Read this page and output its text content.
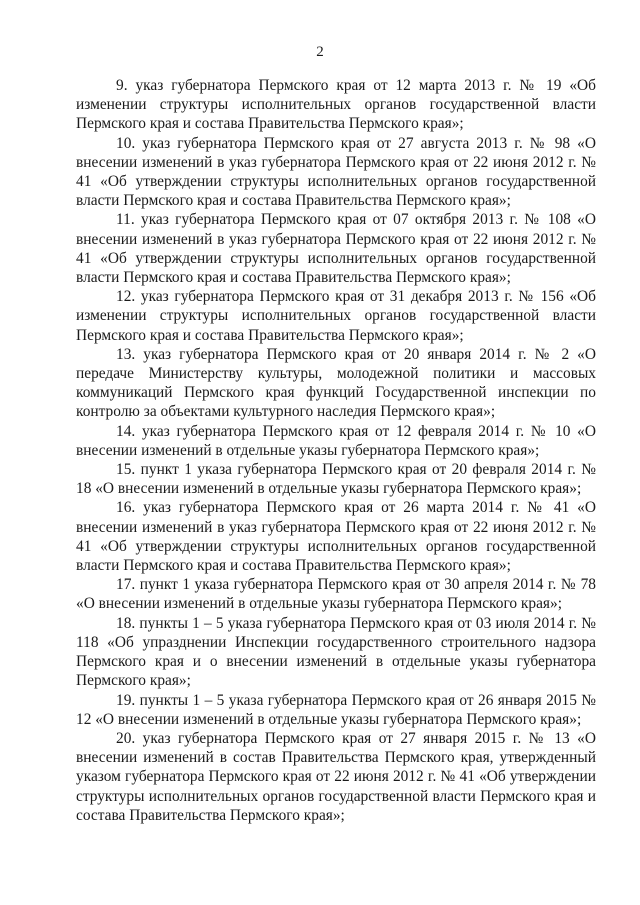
2

9. указ губернатора Пермского края от 12 марта 2013 г. № 19 «Об изменении структуры исполнительных органов государственной власти Пермского края и состава Правительства Пермского края»;

10. указ губернатора Пермского края от 27 августа 2013 г. № 98 «О внесении изменений в указ губернатора Пермского края от 22 июня 2012 г. № 41 «Об утверждении структуры исполнительных органов государственной власти Пермского края и состава Правительства Пермского края»;

11. указ губернатора Пермского края от 07 октября 2013 г. № 108 «О внесении изменений в указ губернатора Пермского края от 22 июня 2012 г. № 41 «Об утверждении структуры исполнительных органов государственной власти Пермского края и состава Правительства Пермского края»;

12. указ губернатора Пермского края от 31 декабря 2013 г. № 156 «Об изменении структуры исполнительных органов государственной власти Пермского края и состава Правительства Пермского края»;

13. указ губернатора Пермского края от 20 января 2014 г. № 2 «О передаче Министерству культуры, молодежной политики и массовых коммуникаций Пермского края функций Государственной инспекции по контролю за объектами культурного наследия Пермского края»;

14. указ губернатора Пермского края от 12 февраля 2014 г. № 10 «О внесении изменений в отдельные указы губернатора Пермского края»;

15. пункт 1 указа губернатора Пермского края от 20 февраля 2014 г. № 18 «О внесении изменений в отдельные указы губернатора Пермского края»;

16. указ губернатора Пермского края от 26 марта 2014 г. № 41 «О внесении изменений в указ губернатора Пермского края от 22 июня 2012 г. № 41 «Об утверждении структуры исполнительных органов государственной власти Пермского края и состава Правительства Пермского края»;

17. пункт 1 указа губернатора Пермского края от 30 апреля 2014 г. № 78 «О внесении изменений в отдельные указы губернатора Пермского края»;

18. пункты 1 – 5 указа губернатора Пермского края от 03 июля 2014 г. № 118 «Об упразднении Инспекции государственного строительного надзора Пермского края и о внесении изменений в отдельные указы губернатора Пермского края»;

19. пункты 1 – 5 указа губернатора Пермского края от 26 января 2015 № 12 «О внесении изменений в отдельные указы губернатора Пермского края»;

20. указ губернатора Пермского края от 27 января 2015 г. № 13 «О внесении изменений в состав Правительства Пермского края, утвержденный указом губернатора Пермского края от 22 июня 2012 г. № 41 «Об утверждении структуры исполнительных органов государственной власти Пермского края и состава Правительства Пермского края»;
